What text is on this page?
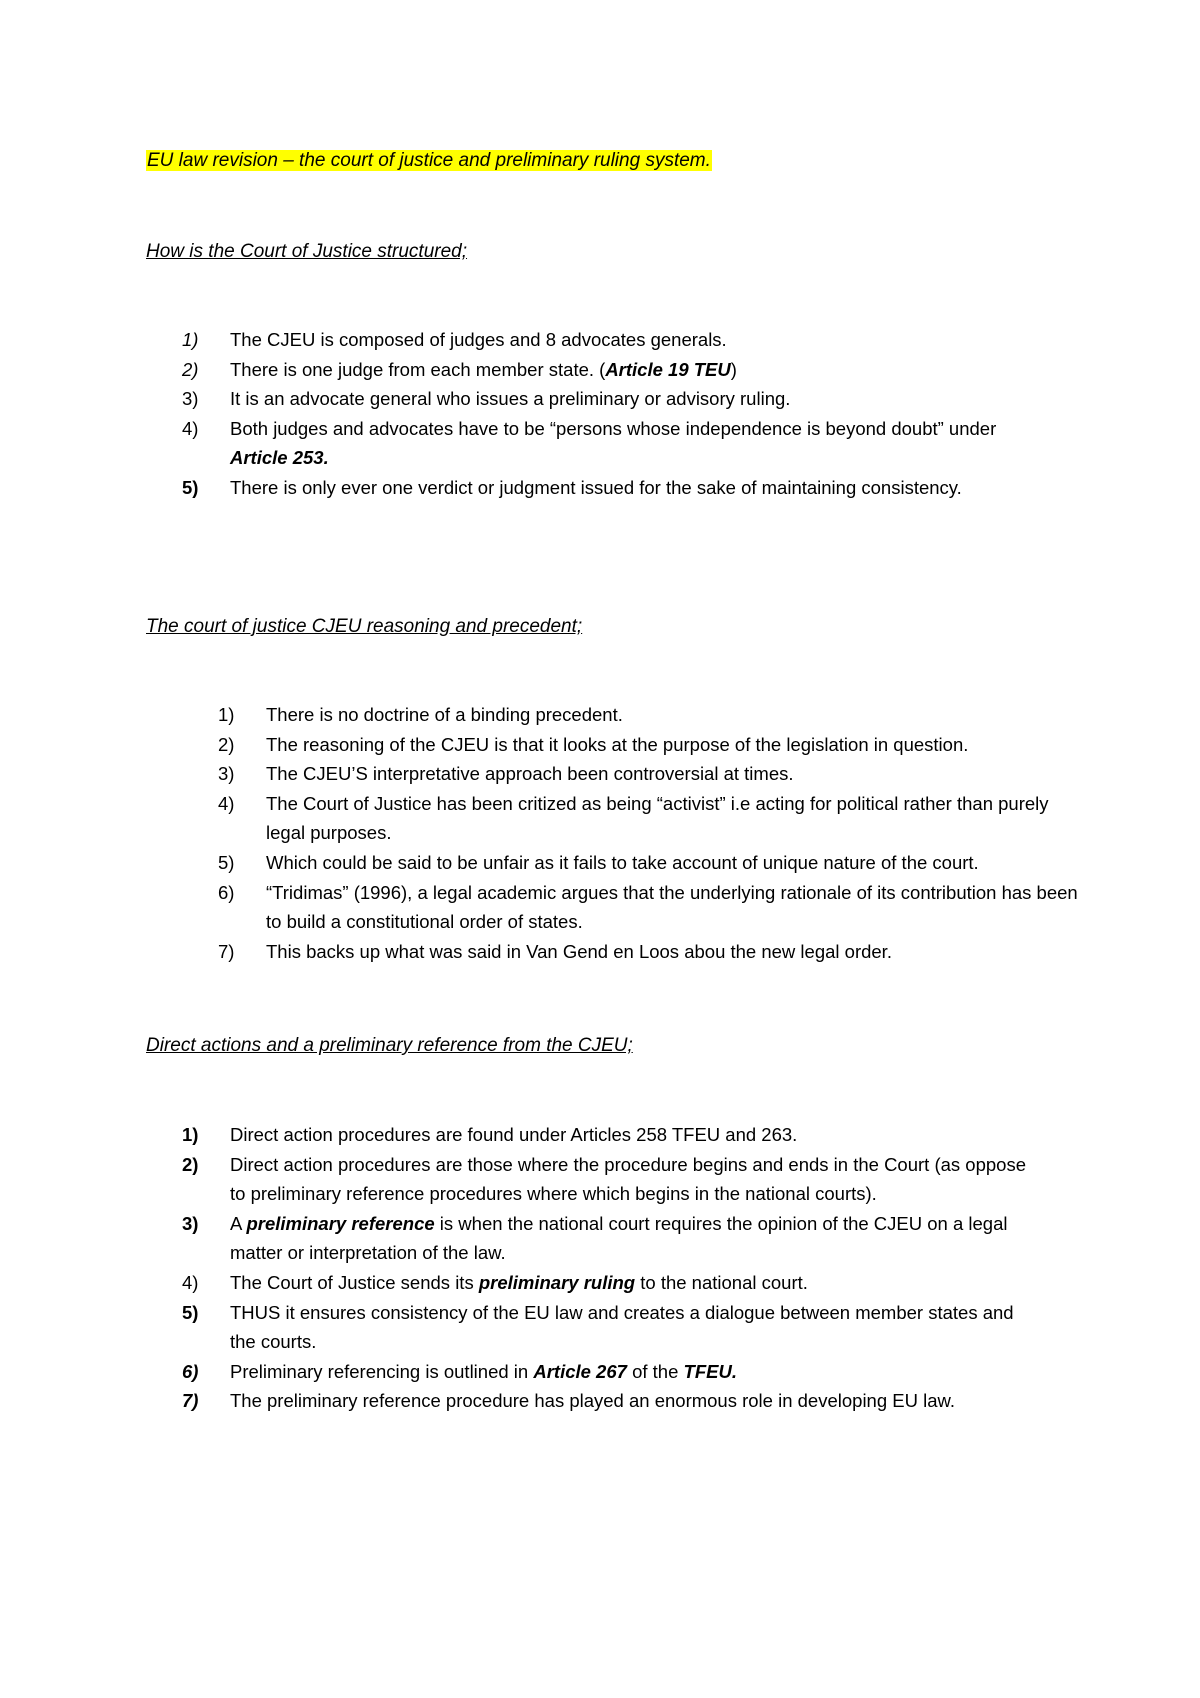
EU law revision – the court of justice and preliminary ruling system.
How is the Court of Justice structured;
1)	The CJEU is composed of judges and 8 advocates generals.
2)	There is one judge from each member state. (Article 19 TEU)
3)	It is an advocate general who issues a preliminary or advisory ruling.
4)	Both judges and advocates have to be “persons whose independence is beyond doubt” under Article 253.
5)	There is only ever one verdict or judgment issued for the sake of maintaining consistency.
The court of justice CJEU reasoning and precedent;
1)	There is no doctrine of a binding precedent.
2)	The reasoning of the CJEU is that it looks at the purpose of the legislation in question.
3)	The CJEU’S interpretative approach been controversial at times.
4)	The Court of Justice has been critized as being “activist” i.e acting for political rather than purely legal purposes.
5)	Which could be said to be unfair as it fails to take account of unique nature of the court.
6)	“Tridimas” (1996), a legal academic argues that the underlying rationale of its contribution has been to build a constitutional order of states.
7)	This backs up what was said in Van Gend en Loos abou the new legal order.
Direct actions and a preliminary reference from the CJEU;
1)	Direct action procedures are found under Articles 258 TFEU and 263.
2)	Direct action procedures are those where the procedure begins and ends in the Court (as oppose to preliminary reference procedures where which begins in the national courts).
3)	A preliminary reference is when the national court requires the opinion of the CJEU on a legal matter or interpretation of the law.
4)	The Court of Justice sends its preliminary ruling to the national court.
5)	THUS it ensures consistency of the EU law and creates a dialogue between member states and the courts.
6)	Preliminary referencing is outlined in Article 267 of the TFEU.
7)	The preliminary reference procedure has played an enormous role in developing EU law.
